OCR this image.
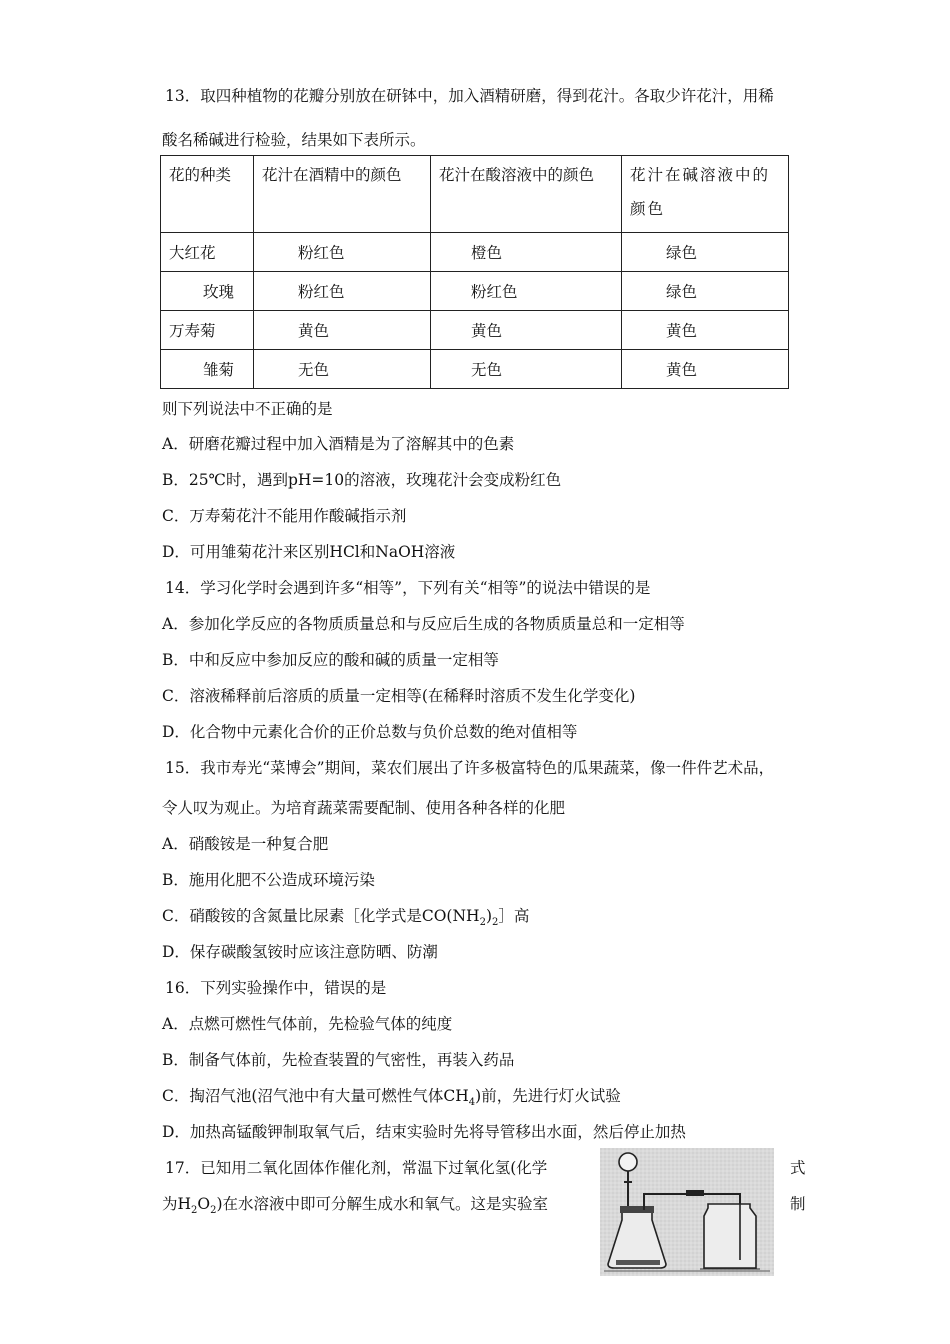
13．取四种植物的花瓣分别放在研钵中，加入酒精研磨，得到花汁。各取少许花汁，用稀
酸名稀碱进行检验，结果如下表所示。
花的种类	花汁在酒精中的颜色	花汁在酸溶液中的颜色	花汁在碱溶液中的颜色
大红花	粉红色	橙色	绿色
玫瑰	粉红色	粉红色	绿色
万寿菊	黄色	黄色	黄色
雏菊	无色	无色	黄色
则下列说法中不正确的是
A．研磨花瓣过程中加入酒精是为了溶解其中的色素
B．25℃时，遇到pH=10的溶液，玫瑰花汁会变成粉红色
C．万寿菊花汁不能用作酸碱指示剂
D．可用雏菊花汁来区别HCl和NaOH溶液
14．学习化学时会遇到许多“相等”，下列有关“相等”的说法中错误的是
A．参加化学反应的各物质质量总和与反应后生成的各物质质量总和一定相等
B．中和反应中参加反应的酸和碱的质量一定相等
C．溶液稀释前后溶质的质量一定相等(在稀释时溶质不发生化学变化)
D．化合物中元素化合价的正价总数与负价总数的绝对值相等
15．我市寿光“菜博会”期间，菜农们展出了许多极富特色的瓜果蔬菜，像一件件艺术品，
令人叹为观止。为培育蔬菜需要配制、使用各种各样的化肥
A．硝酸铵是一种复合肥
B．施用化肥不公造成环境污染
C．硝酸铵的含氮量比尿素［化学式是$CO(NH_2)_2]$高
D．保存碳酸氢铵时应该注意防晒、防潮
16．下列实验操作中，错误的是
A．点燃可燃性气体前，先检验气体的纯度
B．制备气体前，先检查装置的气密性，再装入药品
C．掏沼气池(沼气池中有大量可燃性气体$CH_4$)前，先进行灯火试验
D．加热高锰酸钾制取氧气后，结束实验时先将导管移出水面，然后停止加热
17．已知用二氧化固体作催化剂，常温下过氧化氢(化学	式
为$H_2O_2$)在水溶液中即可分解生成水和氧气。这是实验室	制
